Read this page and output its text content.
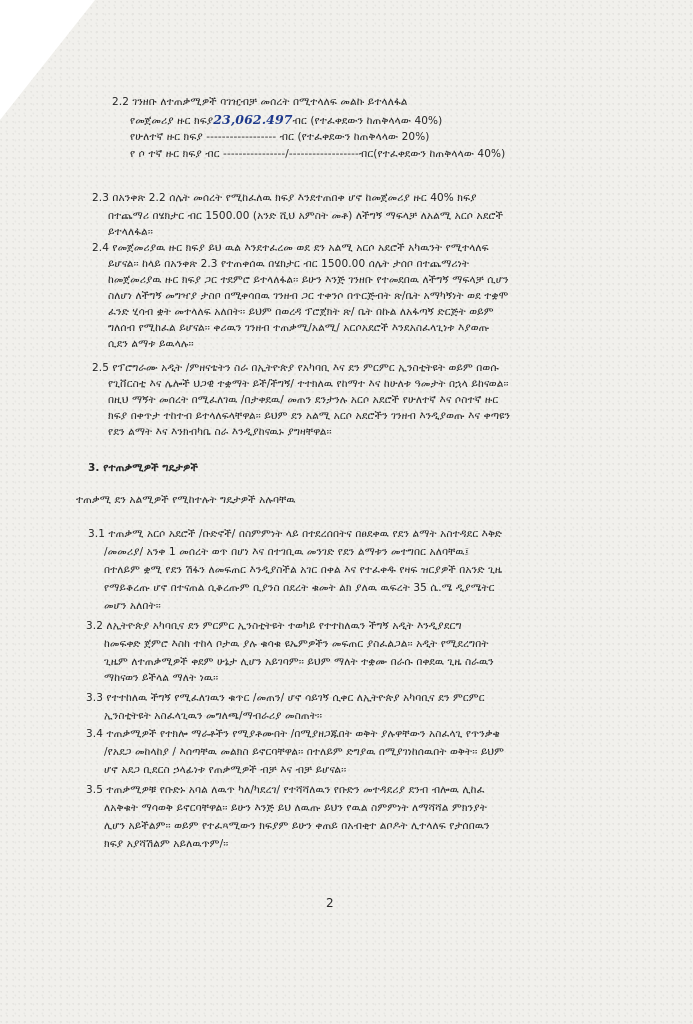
2.2 ገንዘቡ ለተጠቃሚዎች ባገዢብቻ መሰረት በሚተላለፍ መልኩ ይተላለፋል
የመጀመሪያ ዙር ክፍያ23,062.497ብር (የተፈቀደውን ከጠቅላላው 40%)
የሁለተኛ ዙር ክፍያ ------------------ ብር (የተፈቀደውን ከጠቅላላው 20%)
የ ሶ ተኛ ዙር ክፍያ ብር ----------------/------------------ብር(የተፈቀደውን ከጠቅላላው 40%)
2.3 በአንቀጽ 2.2 ሰሌት መሰረት የሚከፈለዉ ክፍያ እንደተጠበቀ ሆኖ ከመጀመሪያ ዙር 40% ክፍያ
በተጨማሪ በሄክታር ብር 1500.00 (አንድ ሺህ አምስት መቶ) ለችግኝ ማፍላቻ ለአልሚ አርሶ አደሮች
ይተላለፋል፡፡
2.4 የመጀመሪያዉ ዙር ክፍያ ይህ ዉል እንደተፈረመ ወደ ደን አልሚ አርሶ አደሮች አካዉንት የሚተላለፍ
ይሆናል፡፡ ከላይ በአንቀጽ 2.3 የተጠቀሰዉ በሄክታር ብር 1500.00 ሰሌት ታሰቦ በተጨማሪነት
ከመጀመሪያዉ ዙር ክፍያ ጋር ተደምሮ ይተላለፋል፡፡ ይሁን እንጅ ገንዘቡ የተመደበዉ ለችግኝ ማፍላቻ ሲሆን
ስለሆነ ለችግኝ መግዣያ ታስቦ በሚቀሳበዉ ገንዘብ ጋር ተቀንሶ በጥርጅብት ጽ/ቤት አማካኝነት ወደ ተቋሞ
ፈንድ ሂሳብ ቋት መተላለፍ አለበት፡፡ ይህም በወረዳ ፕሮጀክት ጽ/ ቤት በኩል ለአፋጣኝ ድርጅት ወይም
ግለሰብ የሚከፈል ይሆናል፡፡ ቀሪዉን ገንዘብ ተጠቃሚ/አልሚ/ አርሶአደሮች እንደአስፈላጊነቱ እያወጡ
ሲደን ልማቱ ይዉላሉ፡፡
2.5 የፕሮግራሙ አዲት /ምዘናቴትን ስራ በኢትዮጵያ የአካባቢ እና ደን ምርምር ኢንስቲትዩት ወይም በወሱ
የጊቨርስቲ እና ሌሎች ህጋዊ ተቋማት ይች/ችግኝ/ ተተክለዉ የከማተ እና ከሁለቱ ዓመታት በኋላ ይከናወል፡፡
በዚህ ማኝት መሰረት በሚፈለገዉ /በታቀደዉ/ መጠን ደንታንሉ አርሶ አደሮች የሁለተኛ እና ሶስተኛ ዙር
ክፍያ በቀጥታ ተከተብ ይተላለፍላቸዋል፡፡ ይህም ደን አልሚ አርሶ አደሮችን ገንዘብ እንዲያወጡ እና ቀጣዩን
የደን ልማት እና እንክብካቤ ስራ እንዲያከናዉኑ ያግዛቸዋል፡፡
3. የተጠቃሚዎች ግዴታዎች
ተጠቃሚ ደን አልሚዎች የሚከተሉት ግዴታዎች አሉባቸዉ
3.1 ተጠቃሚ አርሶ አደሮች /ቡድኖች/ በስምምነት ላይ በተደረሰበትና በፀደቀዉ የደን ልማት አስተዳደር እቅድ
/መመሪያ/ አንቀ 1 መሰረት ወጥ በሆነ እና በተገቢዉ መንገድ የደን ልማቱን መተግበር አለባቸዉ፤
በተለይም ቋሚ የደን ሽፋን ለመፍጠር እንዲያስችል አገር በቀል እና የተፈቀዱ የዛፍ ዝርያዎች በአንድ ጊዜ
የማይቆረጡ ሆኖ በተናጠል ሲቆረጡም ቢያንስ በደረት ቁመት ልክ ያለዉ ዉፍረት 35 ሴ.ሜ ዲያሜትር
መሆን አለበት፡፡
3.2 ለኢትዮጵያ አካባቢና ደን ምርምር ኢንስቲትዩት ተወካይ የተተከለዉን ችግኝ አዲት እንዲያደርግ
ከመፍቀድ ጀምሮ እስከ ተከላ ቦታዉ ያሉ ቁሳቁ ዩኤምዎችን መፍጠር ያስፈልጋል፡፡ አዲት የሚደረግበት
ጊዜም ለተጠቃሚዎች ቀደም ሁኔታ ሊሆን አይገባም፡፡ ይህም ማለት ተቋሙ በራሱ በቀደዉ ጊዜ ስራዉን
ማከናወን ይችላል ማለት ነዉ፡፡
3.3 የተተከለዉ ችግኝ የሚፈለገዉን ቁጥር /መጠን/ ሆኖ ሳይገኝ ሲቀር ለኢትዮጵያ አካባቢና ደን ምርምር
ኢንስቲትዩት አስፈላጊዉን መግለጫ/ማብራሪያ መስጠት፡፡
3.4 ተጠቃሚዎች የተክሎ ማራቶችን የሚያቶሙበት /በሚያዘጋጁበት ወቅት ያሉዋቸውን አስፈላጊ የጥንቃቄ
/የአደጋ መከላከያ / እሰጣቸዉ መልክስ ይኖርባቸዋል፡፡ በተለይም ድግያዉ በሚያገነከሰዉበት ወቅት፡፡ ይህም
ሆኖ አደጋ ቢደርስ ኃላፊነቱ የጠቃሚዎች ብቻ እና ብቻ ይሆናል፡፡
3.5 ተጠቃሚዎቹ የቡድኑ አባል ለዉጥ ካለ/ካደረገ/ የተሻሻለዉን የቡድን መተዳደሪያ ደንብ ብሎዉ ሊከፈ
ለአቅቁት ማሳወቅ ይኖርባቸዋል፡፡ ይሁን እንጅ ይህ ለዉጡ ይህን የዉል ስምምነት ለማሻሻል ምክንያት
ሊሆን አይችልም፡፡ ወይም የተፈጻሚውን ክፍያም ይሁን ቀጠይ በአብቂተ ልቦዶት ሊተላለፍ የታሰበዉን
ክፍያ አያሻሽልም አይለዉጥም/፡፡
2
